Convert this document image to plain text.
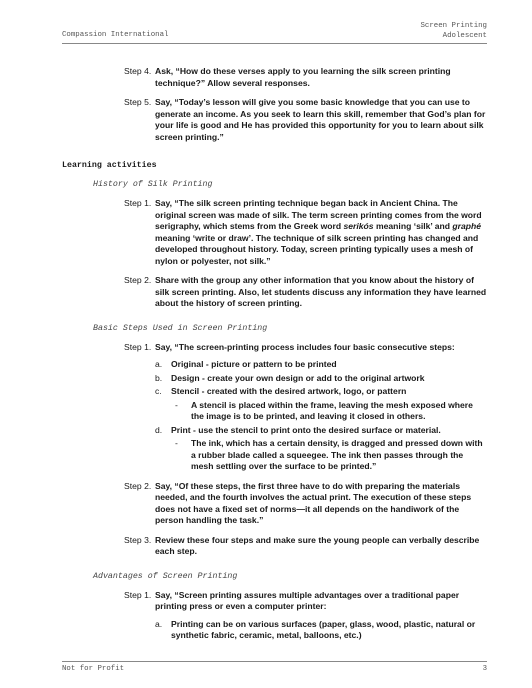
Compassion International
Screen Printing
Adolescent
Step 4. Ask, “How do these verses apply to you learning the silk screen printing technique?” Allow several responses.

Step 5. Say, “Today’s lesson will give you some basic knowledge that you can use to generate an income. As you seek to learn this skill, remember that God’s plan for your life is good and He has provided this opportunity for you to learn about silk screen printing.”

Learning activities
History of Silk Printing
Step 1. Say, “The silk screen printing technique began back in Ancient China. The original screen was made of silk. The term screen printing comes from the word serigraphy, which stems from the Greek word serikós meaning ‘silk’ and graphé meaning ‘write or draw’. The technique of silk screen printing has changed and developed throughout history. Today, screen printing typically uses a mesh of nylon or polyester, not silk.”

Step 2. Share with the group any other information that you know about the history of silk screen printing. Also, let students discuss any information they have learned about the history of screen printing.

Basic Steps Used in Screen Printing
Step 1. Say, “The screen-printing process includes four basic consecutive steps:

a. Original - picture or pattern to be printed
b. Design - create your own design or add to the original artwork
c. Stencil - created with the desired artwork, logo, or pattern
- A stencil is placed within the frame, leaving the mesh exposed where the image is to be printed, and leaving it closed in others.
d. Print - use the stencil to print onto the desired surface or material.
- The ink, which has a certain density, is dragged and pressed down with a rubber blade called a squeegee. The ink then passes through the mesh settling over the surface to be printed.”
Step 2. Say, “Of these steps, the first three have to do with preparing the materials needed, and the fourth involves the actual print. The execution of these steps does not have a fixed set of norms—it all depends on the handiwork of the person handling the task.”

Step 3. Review these four steps and make sure the young people can verbally describe each step.

Advantages of Screen Printing
Step 1. Say, “Screen printing assures multiple advantages over a traditional paper printing press or even a computer printer:

a. Printing can be on various surfaces (paper, glass, wood, plastic, natural or synthetic fabric, ceramic, metal, balloons, etc.)
Not for Profit	3
